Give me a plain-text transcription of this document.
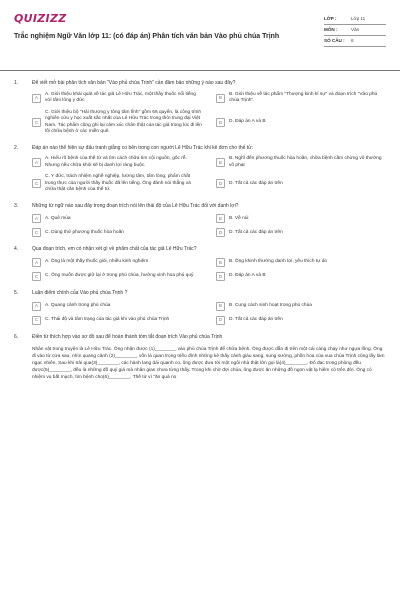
QUIZIZZ
Trắc nghiệm Ngữ Văn lớp 11: (có đáp án) Phân tích văn bản Vào phủ chúa Trịnh
LỚP :	Lớp 11
MÔN :	Văn
SỐ CÂU :	6
1.	Để viết mở bài phân tích văn bản "Vào phủ chúa Trịnh" cần đảm bảo những ý nào sau đây?
A
A. Giới thiệu khái quát về tác giả Lê Hữu Trác, một thầy thuốc nổi tiếng với tấm lòng y đức
B
B. Giới thiệu về tác phẩm "Thượng kinh kí sự" và đoạn trích "Vào phủ chúa Trịnh".
C
C. Giới thiệu bộ "Hải thượng y tông tâm lĩnh" gồm 66 quyển, là công trình nghiên cứu y học xuất sắc nhất của Lê Hữu Trác trong thời trung đại Việt Nam. Tác phẩm cũng ghi lại cảm xúc chân thật của tác giả trong lúc đi lên lối chữa bệnh ở các miền quê.
D	D. Đáp án A và B
2.	Đáp án nào thể hiện sự đấu tranh giằng co bên trong con người Lê Hữu Trác khi kê đơn cho thế tử:
A
A. Hiểu rõ bệnh của thế tử và tìm cách chữa tìm cội nguồn, gốc rễ. Nhưng nếu chữa khỏi sẽ bị danh lợi ràng buộc.
B
B. Nghĩ đến phương thuốc hòa hoãn, chữa bệnh cầm chừng vô thưởng vô phạt
C
C. Y đức, trách nhiệm nghề nghiệp, lương tâm, tấm lòng, phẩm chất trung thực của người thầy thuốc đã lên tiếng. Ông đành nói thẳng và chữa thật căn bệnh của thế tử.
D	D. Tất cả các đáp án trên
3.	Những từ ngữ nào sau đây trong đoạn trích nói lên thái độ của Lê Hữu Trác đối với danh lợi?
A	A. Quê mùa	B	B. Về núi
C	C. Dùng thứ phương thuốc hòa hoãn	D	D. Tất cả các đáp án trên
4.	Qua đoạn trích, em có nhận xét gì về phẩm chất của tác giả Lê Hữu Trác?
A	A. Ông là một thầy thuốc giỏi, nhiều kinh nghiệm	B	B. Ông khinh thường danh lợi, yêu thích tự do
C	C. Ông muốn được giữ lại ở trong phủ chúa, hưởng vinh hoa phú quý	D	D. Đáp án A và B
5.	Luận điểm chính của Vào phủ chúa Trịnh ?
A	A. Quang cảnh trong phủ chúa	B	B. Cung cách sinh hoạt trong phủ chúa
C	C. Thái độ và tâm trạng của tác giả khi vào phủ chúa Trịnh	D	D. Tất cả các đáp án trên
6.	Điền từ thích hợp vào sơ đồ sau để hoàn thành tóm tắt đoạn trích Vào phủ chúa Trịnh
Nhân vật trong truyện là Lê Hữu Trác. Ông nhận được (1)________ vào phủ chúa Trịnh để chữa bệnh. Ông được dẫn đi trên một cái cáng chạy như ngựa lồng. Ông đi vào từ cửa sau, nhìn quang cảnh (2)________, vốn là quan trọng triều đình những kẻ thấy cảnh giàu sang, sung sướng, phồn hoa của vua chúa Trịnh cũng lấy làm ngạc nhiên. Sau khi trải qua(3)________, các hành lang dài quanh co, ông được đưa tới một ngôi nhà thật lớn gọi là(4)________. Đô đạc trong phòng đều được(5)________, đều là những đồ quý giá mà nhân gian chưa từng thấy. Trong khi chờ đợi chúa, ông được ăn những đồ ngon vật lạ hiếm có trên đời. Ông có nhiệm vụ bắt mạch, tìm bệnh cho(6)________. Thế tử vì "ăn quá no
